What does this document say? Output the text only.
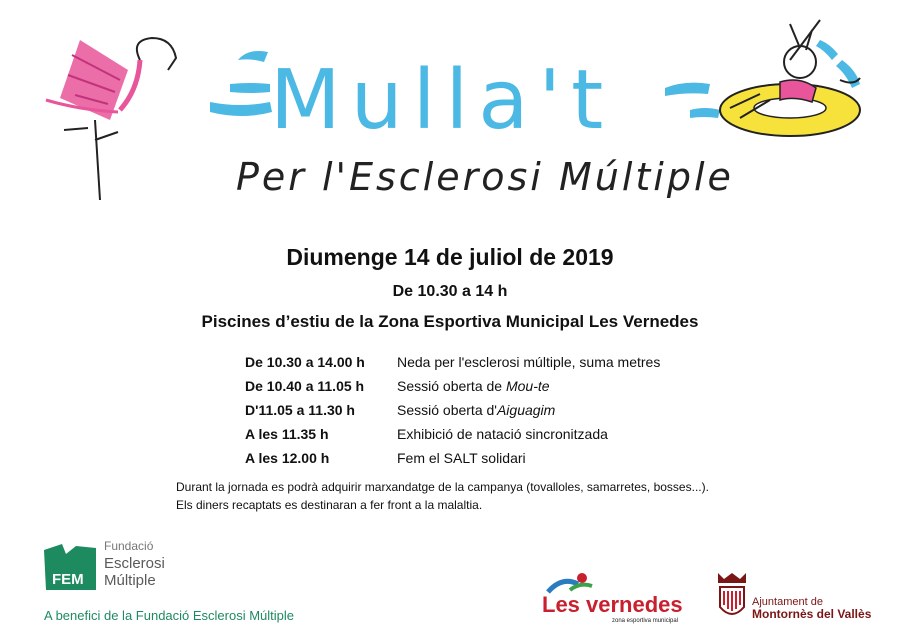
Mulla't
Per l'Esclerosi Múltiple
Diumenge 14 de juliol de 2019
De 10.30 a 14 h
Piscines d’estiu de la Zona Esportiva Municipal Les Vernedes
De 10.30 a 14.00 h	Neda per l'esclerosi múltiple, suma metres
De 10.40 a 11.05 h	Sessió oberta de Mou-te
D'11.05 a 11.30 h	Sessió oberta d'Aiguagim
A les 11.35 h	Exhibició de natació sincronitzada
A les 12.00 h	Fem el SALT solidari
Durant la jornada es podrà adquirir marxandatge de la campanya (tovalloles, samarretes, bosses...).
Els diners recaptats es destinaran a fer front a la malaltia.
FEM
Fundació
Esclerosi
Múltiple
A benefici de la Fundació Esclerosi Múltiple	Les vernedes
zona esportiva municipal
Ajuntament de
Montornès del Vallès
